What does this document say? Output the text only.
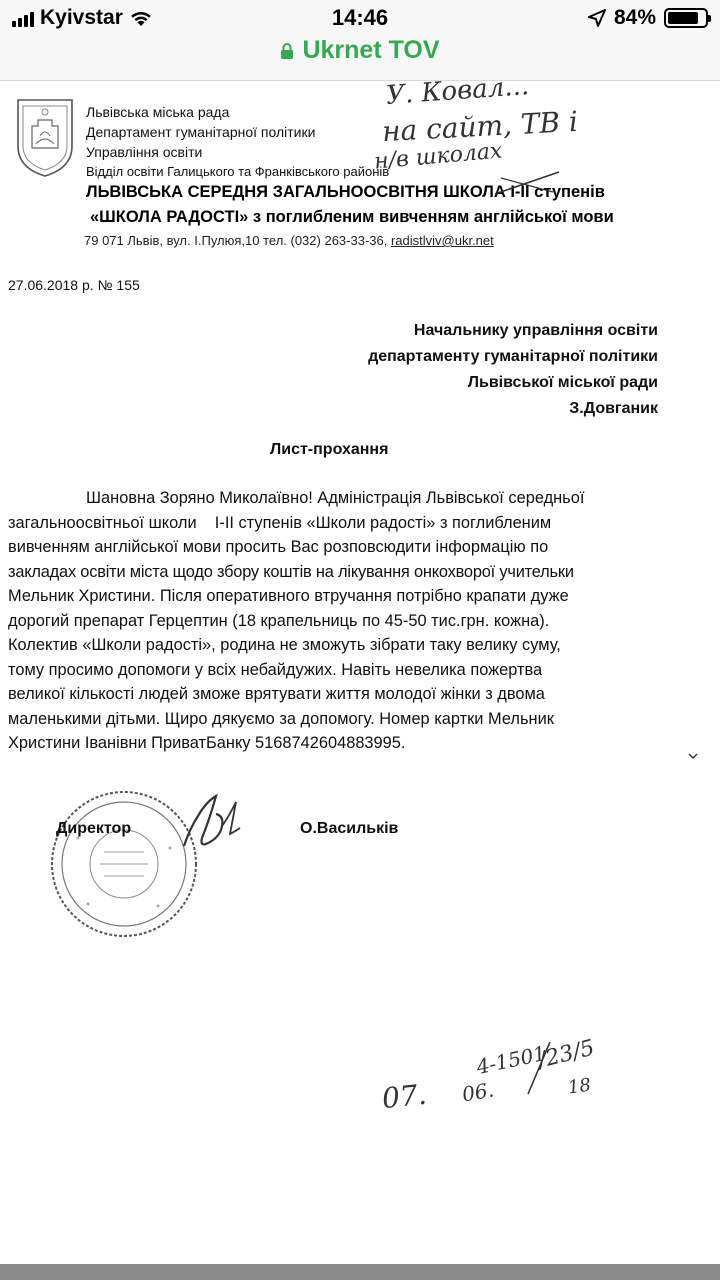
Kyivstar	14:46	84%
Ukrnet TOV
Львівська міська рада
Департамент гуманітарної політики
Управління освіти
Відділ освіти Галицького та Франківського районів
ЛЬВІВСЬКА СЕРЕДНЯ ЗАГАЛЬНООСВІТНЯ ШКОЛА I-II ступенів
«ШКОЛА РАДОСТІ» з поглибленим вивченням англійської мови
79 071 Львів, вул. І.Пулюя,10 тел. (032) 263-33-36, radistlviv@ukr.net
У. Ковал...
на сайт, ТВ і
н/в школах
27.06.2018 р. № 155
Начальнику управління освіти
департаменту гуманітарної політики
Львівської міської ради
З.Довганик
Лист-прохання
Шановна Зоряно Миколаївно! Адміністрація Львівської середньої
загальноосвітньої школи    І-ІІ ступенів «Школи радості» з поглибленим
вивченням англійської мови просить Вас розповсюдити інформацію по
закладах освіти міста щодо збору коштів на лікування онкохворої учительки
Мельник Христини. Після оперативного втручання потрібно крапати дуже
дорогий препарат Герцептин (18 крапельниць по 45-50 тис.грн. кожна).
Колектив «Школи радості», родина не зможуть зібрати таку велику суму,
тому просимо допомоги у всіх небайдужих. Навіть невелика пожертва
великої кількості людей зможе врятувати життя молодої жінки з двома
маленькими дітьми. Щиро дякуємо за допомогу. Номер картки Мельник
Христини Іванівни ПриватБанку 5168742604883995.
Директор	О.Васильків
07. 06.
4-1501
/23/5
18
